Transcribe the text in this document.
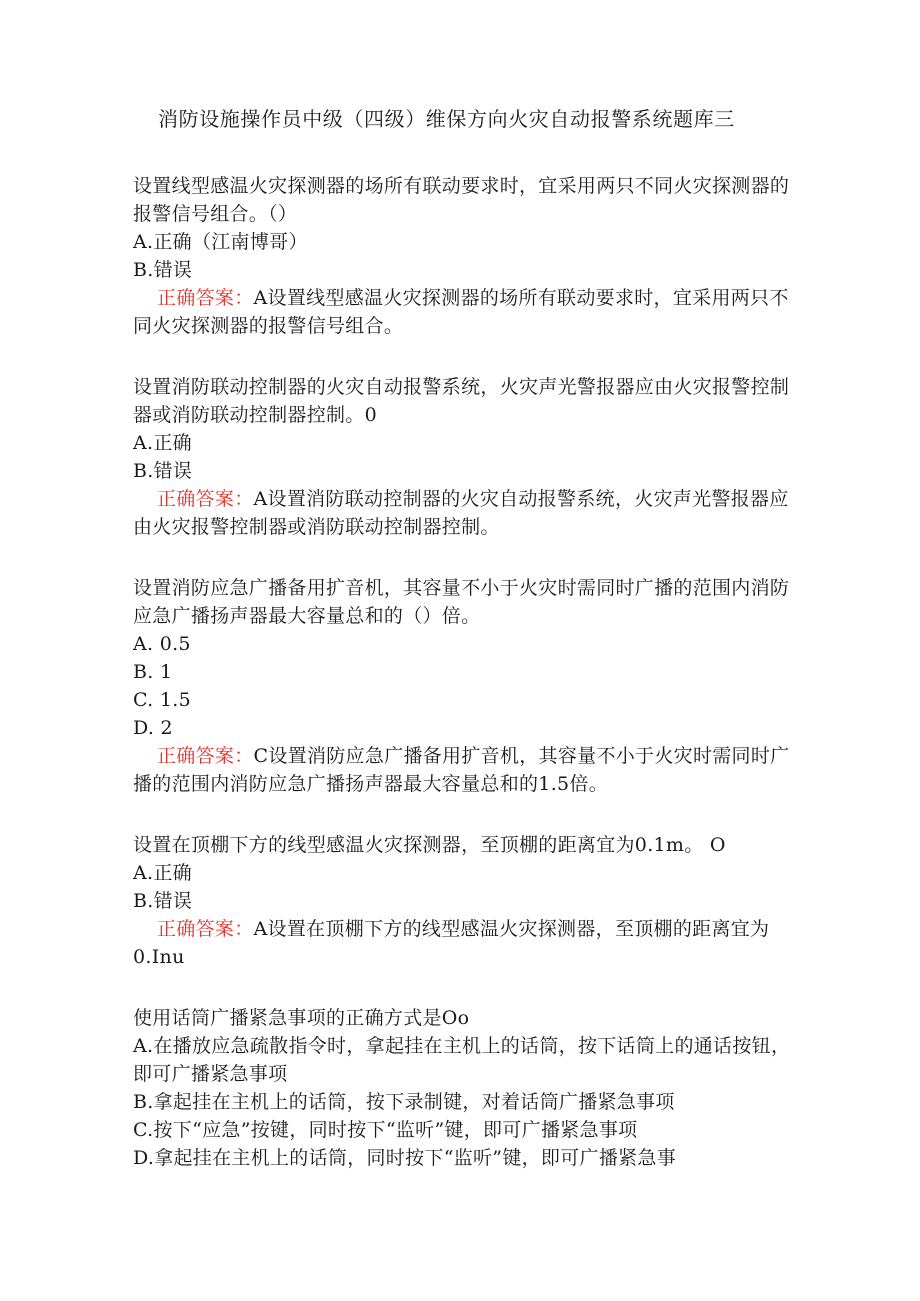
消防设施操作员中级（四级）维保方向火灾自动报警系统题库三

设置线型感温火灾探测器的场所有联动要求时，宜采用两只不同火灾探测器的报警信号组合。（）

A.正确（江南博哥）

B.错误

正确答案：A设置线型感温火灾探测器的场所有联动要求时，宜采用两只不同火灾探测器的报警信号组合。

设置消防联动控制器的火灾自动报警系统，火灾声光警报器应由火灾报警控制器或消防联动控制器控制。0

A.正确

B.错误

正确答案：A设置消防联动控制器的火灾自动报警系统，火灾声光警报器应由火灾报警控制器或消防联动控制器控制。

设置消防应急广播备用扩音机，其容量不小于火灾时需同时广播的范围内消防应急广播扬声器最大容量总和的（）倍。

A. 0.5

B. 1

C. 1.5

D. 2

正确答案：C设置消防应急广播备用扩音机，其容量不小于火灾时需同时广播的范围内消防应急广播扬声器最大容量总和的1.5倍。

设置在顶棚下方的线型感温火灾探测器，至顶棚的距离宜为0.1m。 O

A.正确

B.错误

正确答案：A设置在顶棚下方的线型感温火灾探测器，至顶棚的距离宜为0.Inu

使用话筒广播紧急事项的正确方式是Oo

A.在播放应急疏散指令时，拿起挂在主机上的话筒，按下话筒上的通话按钮，即可广播紧急事项

B.拿起挂在主机上的话筒，按下录制键，对着话筒广播紧急事项

C.按下“应急”按键，同时按下“监听”键，即可广播紧急事项

D.拿起挂在主机上的话筒，同时按下“监听”键，即可广播紧急事
